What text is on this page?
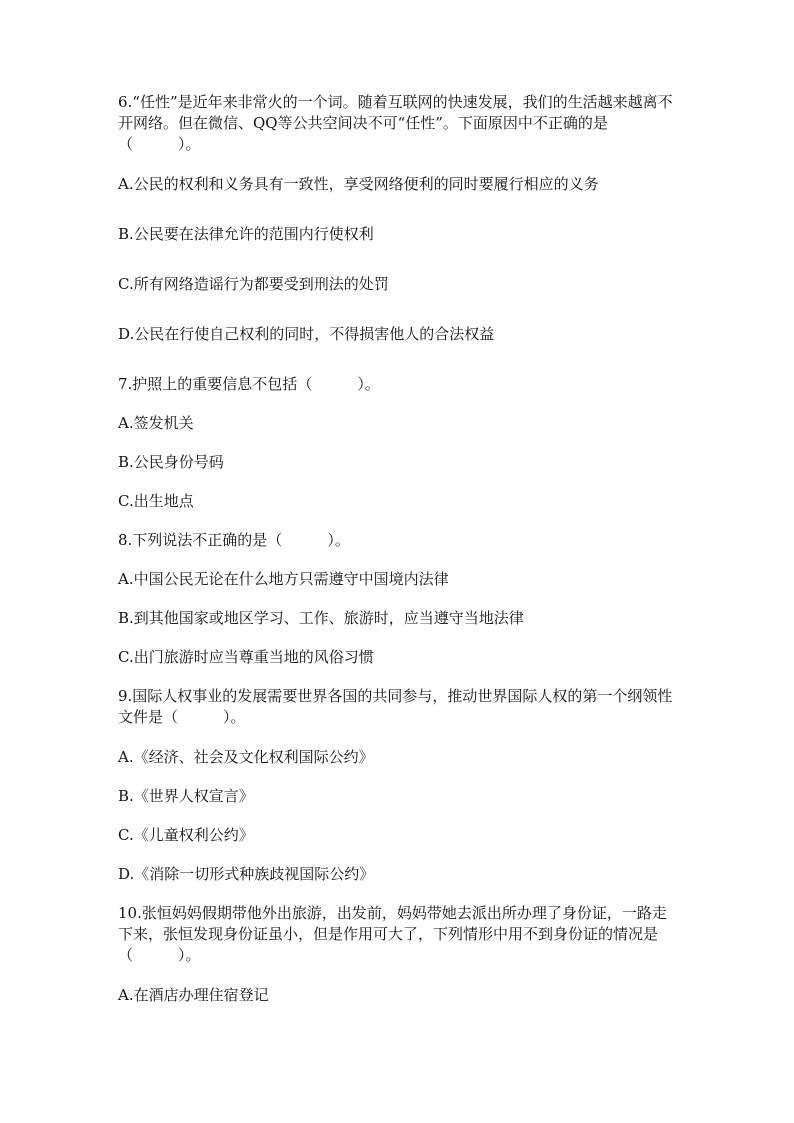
6.“任性”是近年来非常火的一个词。随着互联网的快速发展，我们的生活越来越离不开网络。但在微信、QQ等公共空间决不可“任性”。下面原因中不正确的是（　　　）。

A.公民的权利和义务具有一致性，享受网络便利的同时要履行相应的义务

B.公民要在法律允许的范围内行使权利

C.所有网络造谣行为都要受到刑法的处罚

D.公民在行使自己权利的同时，不得损害他人的合法权益

7.护照上的重要信息不包括（　　　）。

A.签发机关

B.公民身份号码

C.出生地点

8.下列说法不正确的是（　　　）。

A.中国公民无论在什么地方只需遵守中国境内法律

B.到其他国家或地区学习、工作、旅游时，应当遵守当地法律

C.出门旅游时应当尊重当地的风俗习惯

9.国际人权事业的发展需要世界各国的共同参与，推动世界国际人权的第一个纲领性文件是（　　　）。

A.《经济、社会及文化权利国际公约》

B.《世界人权宣言》

C.《儿童权利公约》

D.《消除一切形式种族歧视国际公约》

10.张恒妈妈假期带他外出旅游，出发前，妈妈带她去派出所办理了身份证，一路走下来，张恒发现身份证虽小，但是作用可大了，下列情形中用不到身份证的情况是（　　　）。

A.在酒店办理住宿登记
